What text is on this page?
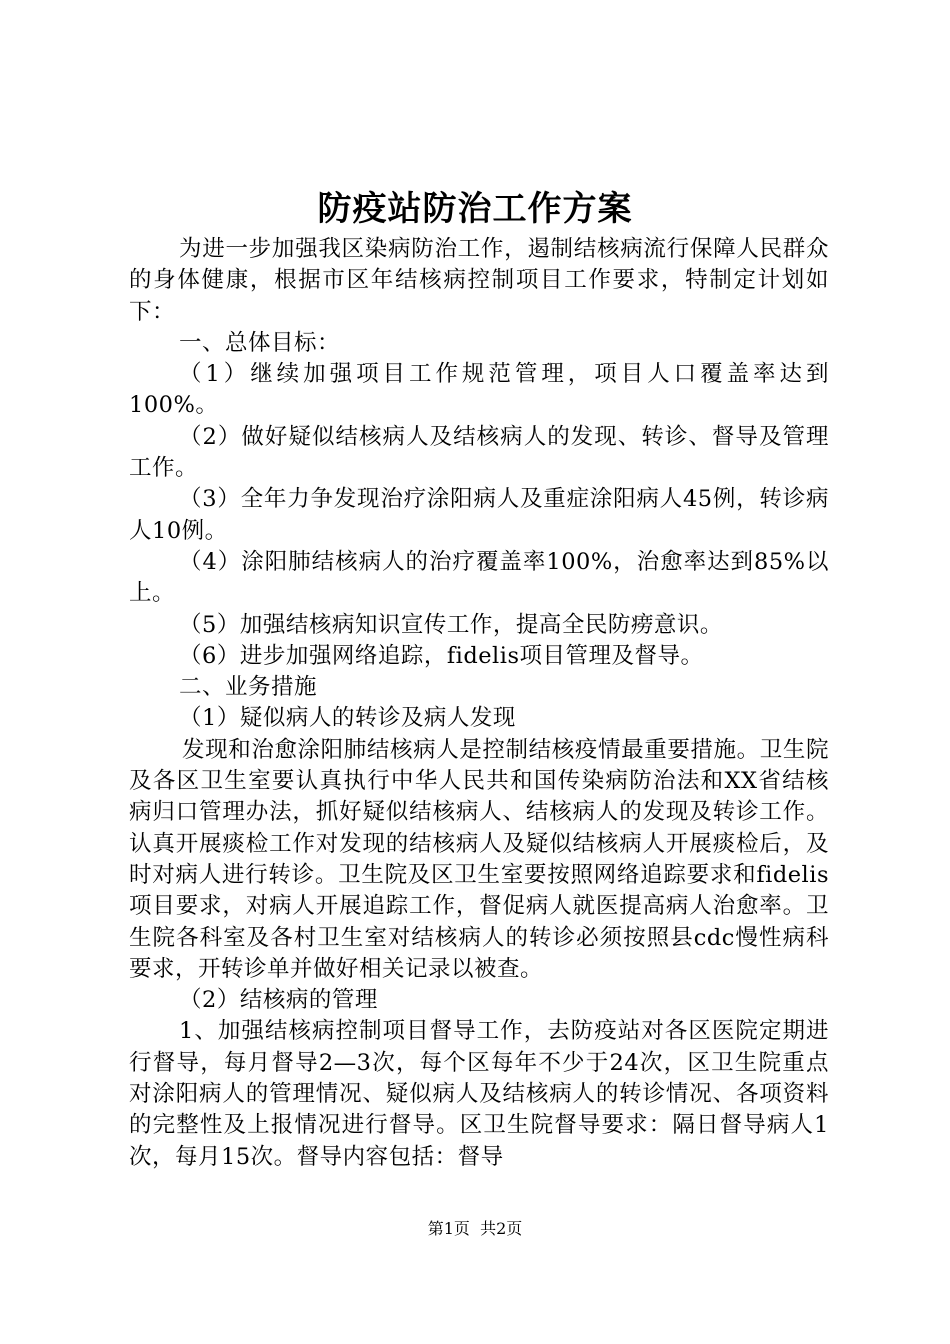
防疫站防治工作方案

为进一步加强我区染病防治工作，遏制结核病流行保障人民群众的身体健康，根据市区年结核病控制项目工作要求，特制定计划如下：

一、总体目标：

（1）继续加强项目工作规范管理，项目人口覆盖率达到100%。

（2）做好疑似结核病人及结核病人的发现、转诊、督导及管理工作。

（3）全年力争发现治疗涂阳病人及重症涂阳病人45例，转诊病人10例。

（4）涂阳肺结核病人的治疗覆盖率100%，治愈率达到85%以上。

（5）加强结核病知识宣传工作，提高全民防痨意识。

（6）进步加强网络追踪，fidelis项目管理及督导。

二、业务措施

（1）疑似病人的转诊及病人发现

发现和治愈涂阳肺结核病人是控制结核疫情最重要措施。卫生院及各区卫生室要认真执行中华人民共和国传染病防治法和XX省结核病归口管理办法，抓好疑似结核病人、结核病人的发现及转诊工作。认真开展痰检工作对发现的结核病人及疑似结核病人开展痰检后，及时对病人进行转诊。卫生院及区卫生室要按照网络追踪要求和fidelis项目要求，对病人开展追踪工作，督促病人就医提高病人治愈率。卫生院各科室及各村卫生室对结核病人的转诊必须按照县cdc慢性病科要求，开转诊单并做好相关记录以被查。

（2）结核病的管理

1、加强结核病控制项目督导工作，去防疫站对各区医院定期进行督导，每月督导2—3次，每个区每年不少于24次，区卫生院重点对涂阳病人的管理情况、疑似病人及结核病人的转诊情况、各项资料的完整性及上报情况进行督导。区卫生院督导要求：隔日督导病人1次，每月15次。督导内容包括：督导

第1页  共2页
